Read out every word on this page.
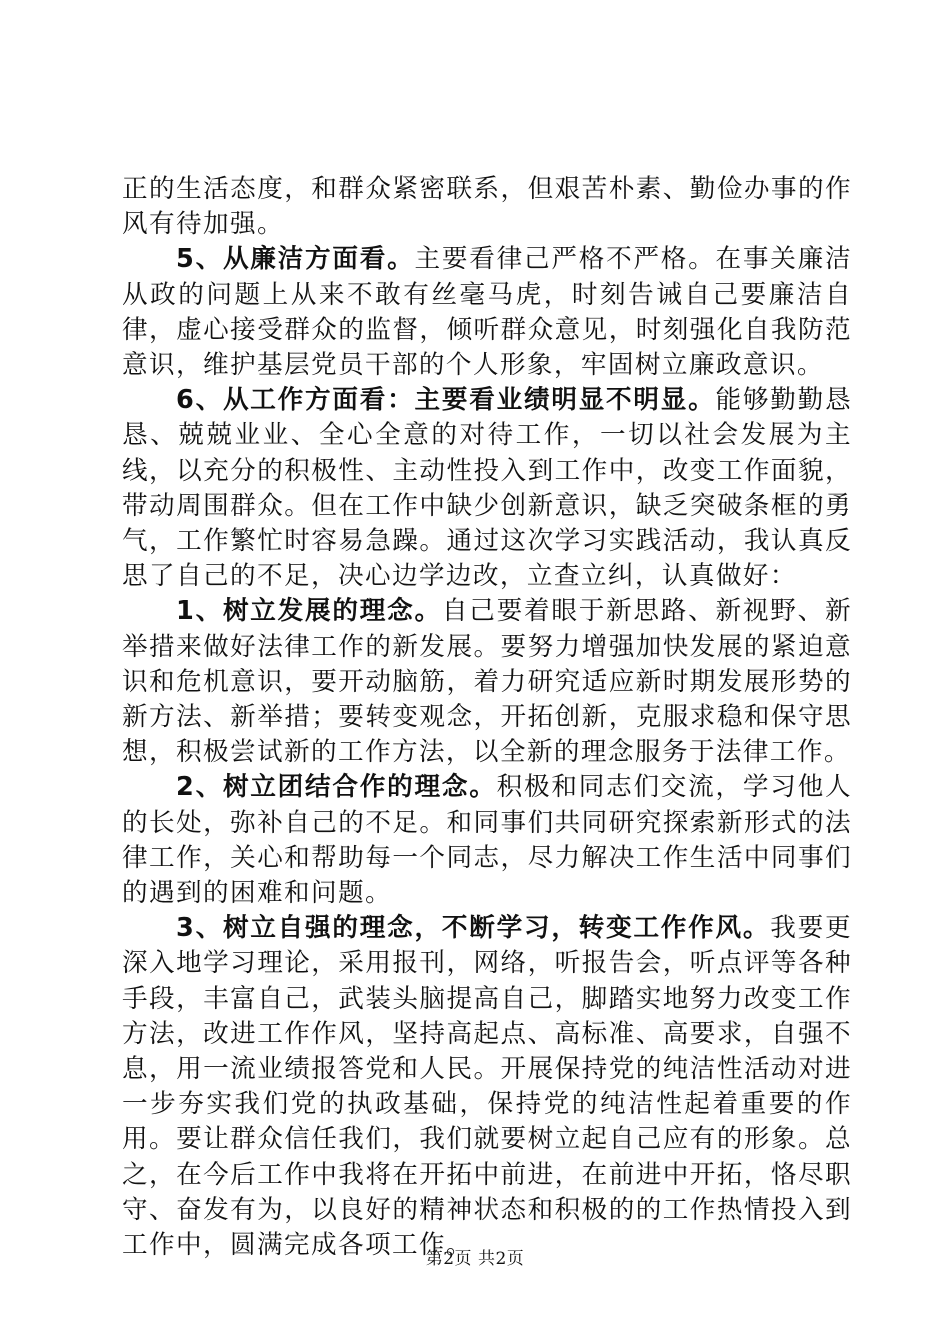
正的生活态度，和群众紧密联系，但艰苦朴素、勤俭办事的作风有待加强。

5、从廉洁方面看。主要看律己严格不严格。在事关廉洁从政的问题上从来不敢有丝毫马虎，时刻告诫自己要廉洁自律，虚心接受群众的监督，倾听群众意见，时刻强化自我防范意识，维护基层党员干部的个人形象，牢固树立廉政意识。

6、从工作方面看：主要看业绩明显不明显。能够勤勤恳恳、兢兢业业、全心全意的对待工作，一切以社会发展为主线，以充分的积极性、主动性投入到工作中，改变工作面貌，带动周围群众。但在工作中缺少创新意识，缺乏突破条框的勇气，工作繁忙时容易急躁。通过这次学习实践活动，我认真反思了自己的不足，决心边学边改，立查立纠，认真做好：

1、树立发展的理念。自己要着眼于新思路、新视野、新举措来做好法律工作的新发展。要努力增强加快发展的紧迫意识和危机意识，要开动脑筋，着力研究适应新时期发展形势的新方法、新举措；要转变观念，开拓创新，克服求稳和保守思想，积极尝试新的工作方法，以全新的理念服务于法律工作。

2、树立团结合作的理念。积极和同志们交流，学习他人的长处，弥补自己的不足。和同事们共同研究探索新形式的法律工作，关心和帮助每一个同志，尽力解决工作生活中同事们的遇到的困难和问题。

3、树立自强的理念，不断学习，转变工作作风。我要更深入地学习理论，采用报刊，网络，听报告会，听点评等各种手段，丰富自己，武装头脑提高自己，脚踏实地努力改变工作方法，改进工作作风，坚持高起点、高标准、高要求，自强不息，用一流业绩报答党和人民。开展保持党的纯洁性活动对进一步夯实我们党的执政基础，保持党的纯洁性起着重要的作用。要让群众信任我们，我们就要树立起自己应有的形象。总之，在今后工作中我将在开拓中前进，在前进中开拓，恪尽职守、奋发有为，以良好的精神状态和积极的的工作热情投入到工作中，圆满完成各项工作。

第2页 共2页
